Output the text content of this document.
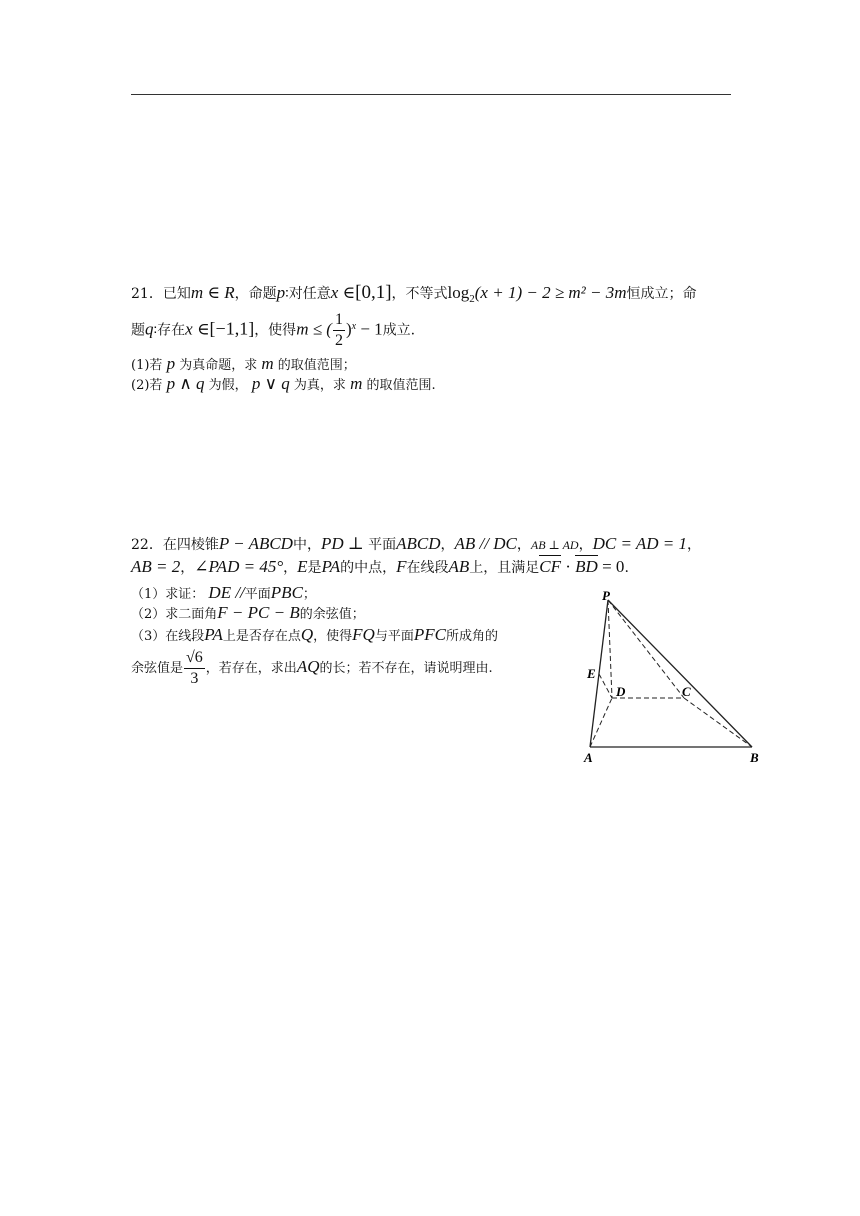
21．已知m ∈ R，命题p∶对任意x ∈[0,1]，不等式$\log_2(x + 1) - 2 \ge m^2 - 3m$恒成立；命
题q∶存在x ∈[−1,1]，使得m ≤ ( $\frac{1}{2} )^x - 1$成立.
(1)若 p 为真命题，求 m 的取值范围；
(2)若 p ∧ q 为假， p ∨ q 为真，求 m 的取值范围.
22．在四棱锥P − ABCD中，PD ⊥ 平面ABCD，AB // DC，AB ⊥ AD，DC = AD = 1，
AB = 2，∠PAD = 45°，E是PA的中点，F在线段AB上，且满足CF · BD = 0.
（1）求证： DE //平面PBC；
（2）求二面角F − PC − B的余弦值；
（3）在线段PA上是否存在点Q，使得FQ与平面PFC所成角的
余弦值是 $\frac{√6}{3}$ ，若存在，求出AQ的长；若不存在，请说明理由.
P
E
D	C
A	B
